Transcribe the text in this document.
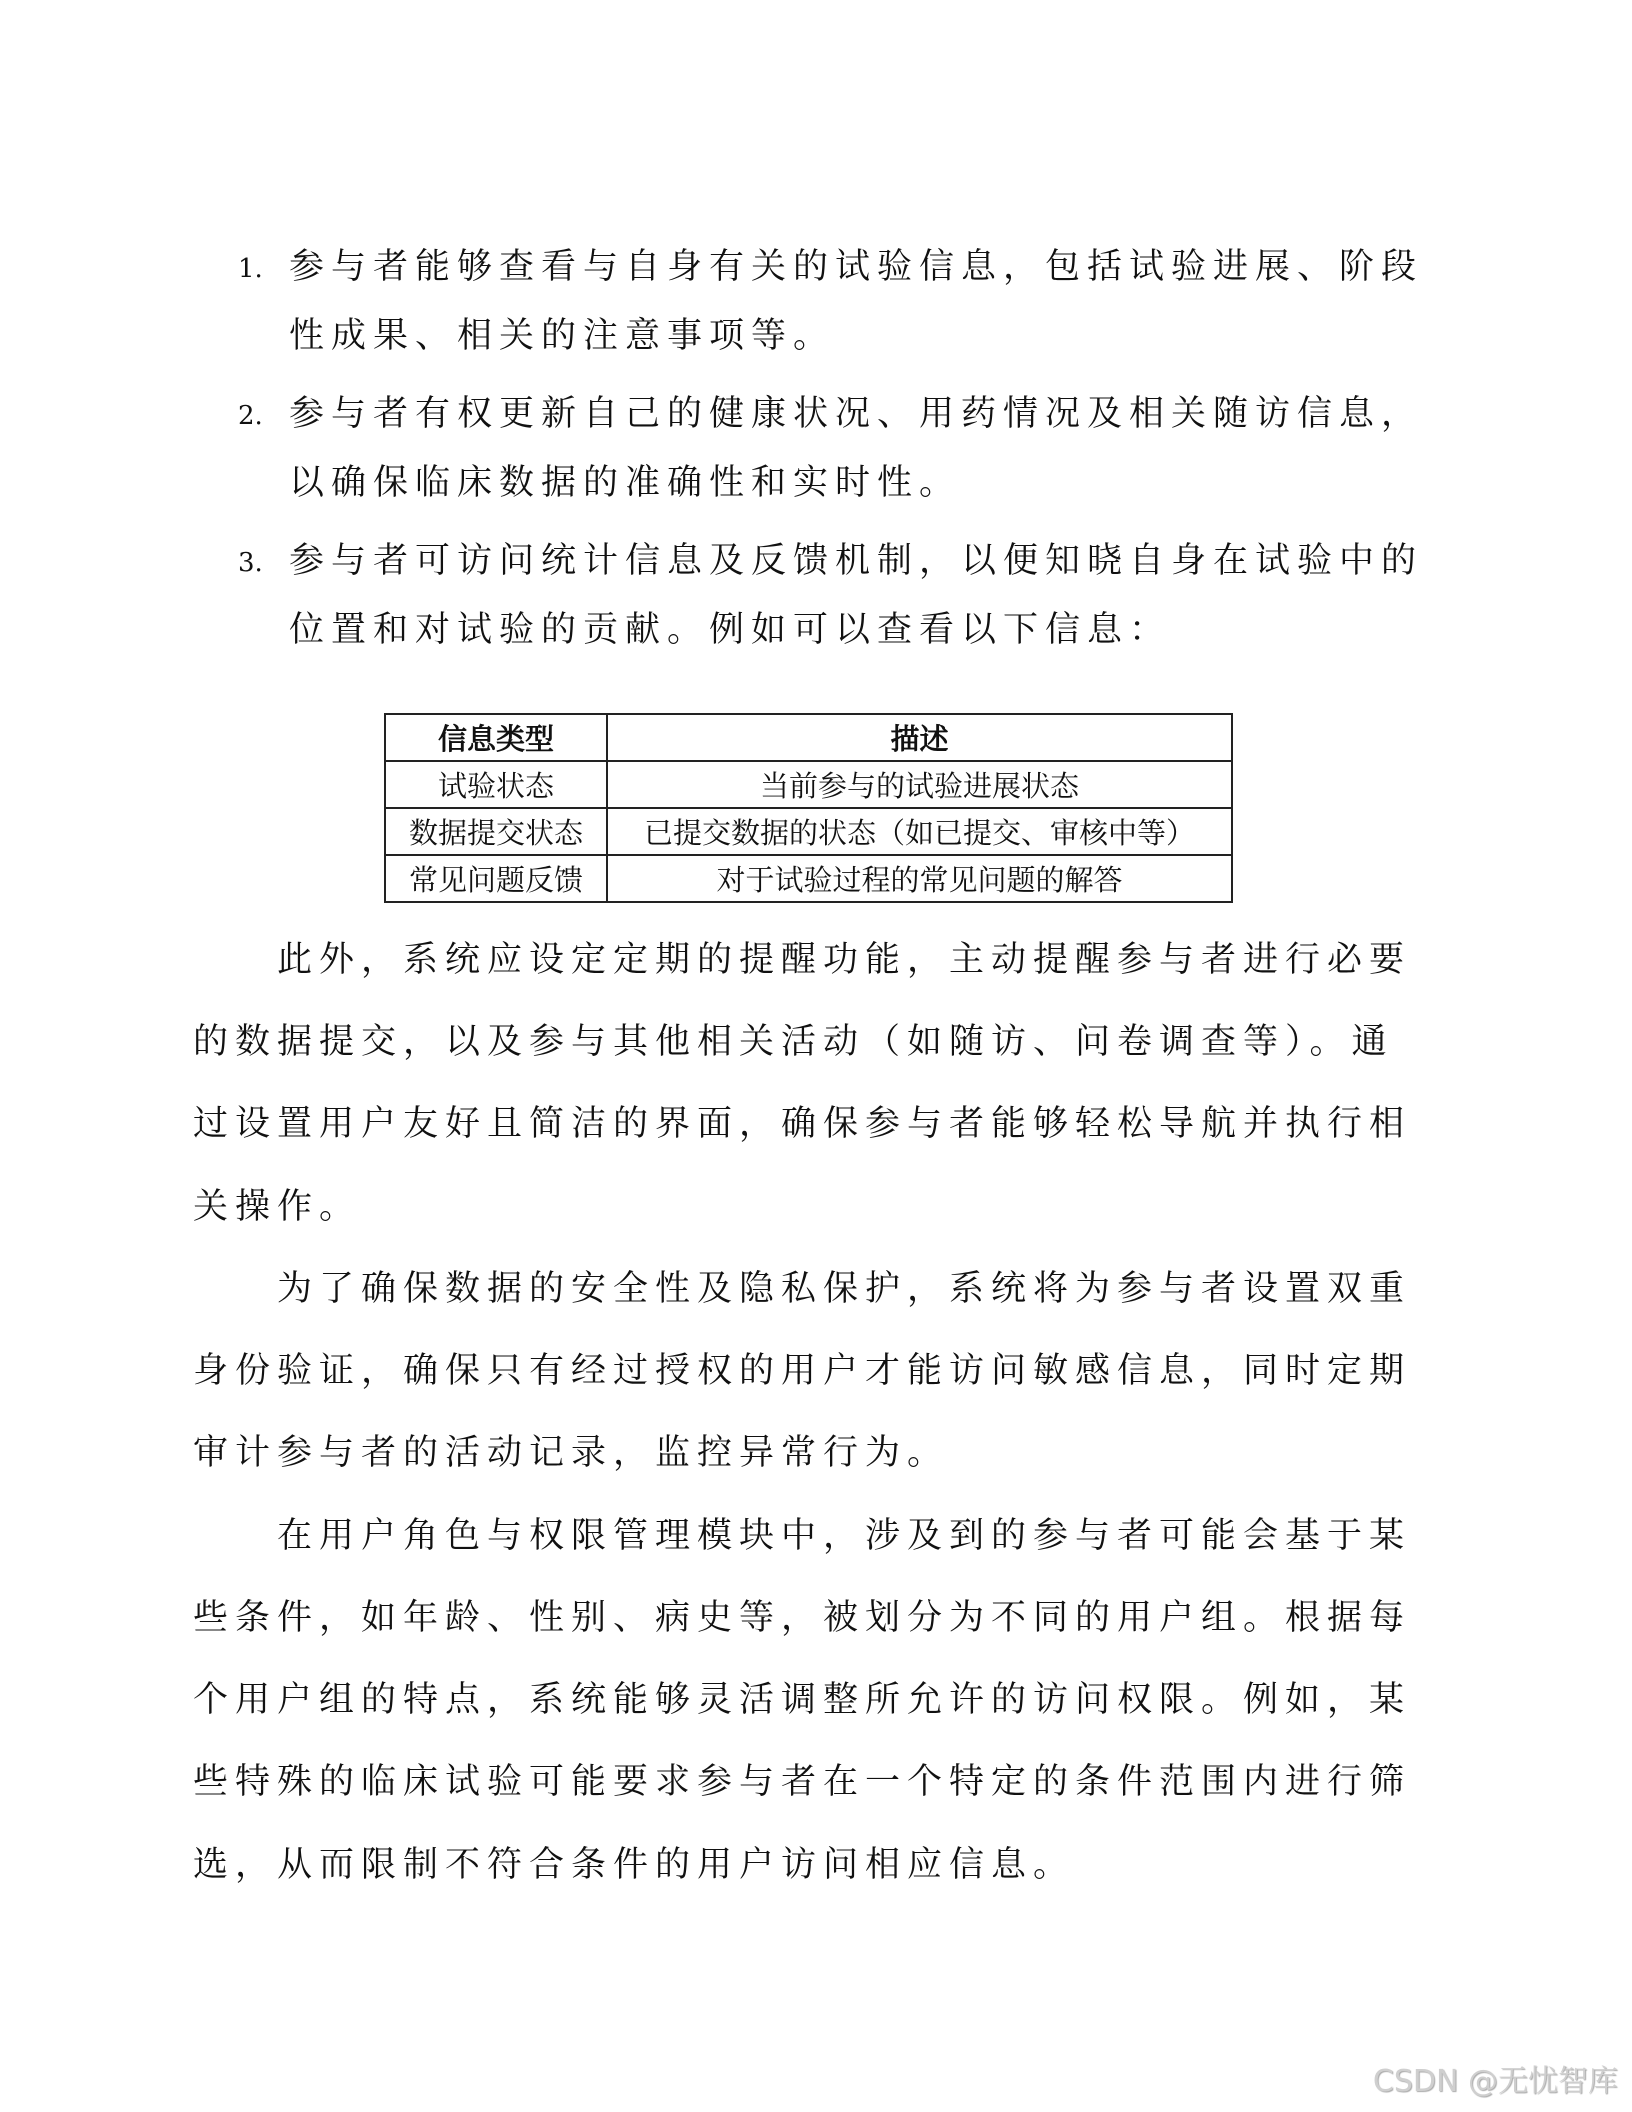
1. 参与者能够查看与自身有关的试验信息，包括试验进展、阶段
性成果、相关的注意事项等。
2. 参与者有权更新自己的健康状况、用药情况及相关随访信息，
以确保临床数据的准确性和实时性。
3. 参与者可访问统计信息及反馈机制，以便知晓自身在试验中的
位置和对试验的贡献。例如可以查看以下信息：
信息类型	描述
试验状态	当前参与的试验进展状态
数据提交状态	已提交数据的状态（如已提交、审核中等）
常见问题反馈	对于试验过程的常见问题的解答
此外，系统应设定定期的提醒功能，主动提醒参与者进行必要
的数据提交，以及参与其他相关活动（如随访、问卷调查等）。通
过设置用户友好且简洁的界面，确保参与者能够轻松导航并执行相
关操作。
为了确保数据的安全性及隐私保护，系统将为参与者设置双重
身份验证，确保只有经过授权的用户才能访问敏感信息，同时定期
审计参与者的活动记录，监控异常行为。
在用户角色与权限管理模块中，涉及到的参与者可能会基于某
些条件，如年龄、性别、病史等，被划分为不同的用户组。根据每
个用户组的特点，系统能够灵活调整所允许的访问权限。例如，某
些特殊的临床试验可能要求参与者在一个特定的条件范围内进行筛
选，从而限制不符合条件的用户访问相应信息。
CSDN @无忧智库
